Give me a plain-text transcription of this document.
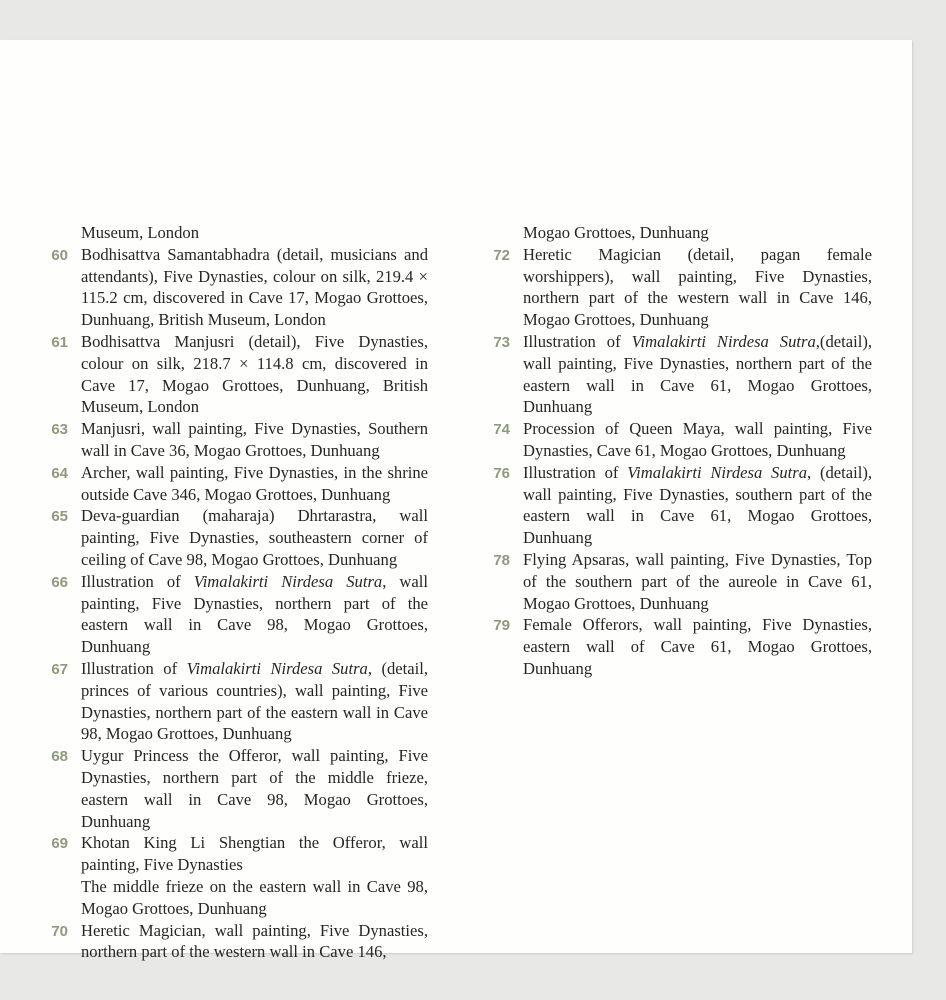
Museum, London
60 Bodhisattva Samantabhadra (detail, musicians and attendants), Five Dynasties, colour on silk, 219.4 × 115.2 cm, discovered in Cave 17, Mogao Grottoes, Dunhuang, British Museum, London
61 Bodhisattva Manjusri (detail), Five Dynasties, colour on silk, 218.7 × 114.8 cm, discovered in Cave 17, Mogao Grottoes, Dunhuang, British Museum, London
63 Manjusri, wall painting, Five Dynasties, Southern wall in Cave 36, Mogao Grottoes, Dunhuang
64 Archer, wall painting, Five Dynasties, in the shrine outside Cave 346, Mogao Grottoes, Dunhuang
65 Deva-guardian (maharaja) Dhrtarastra, wall painting, Five Dynasties, southeastern corner of ceiling of Cave 98, Mogao Grottoes, Dunhuang
66 Illustration of Vimalakirti Nirdesa Sutra, wall painting, Five Dynasties, northern part of the eastern wall in Cave 98, Mogao Grottoes, Dunhuang
67 Illustration of Vimalakirti Nirdesa Sutra, (detail, princes of various countries), wall painting, Five Dynasties, northern part of the eastern wall in Cave 98, Mogao Grottoes, Dunhuang
68 Uygur Princess the Offeror, wall painting, Five Dynasties, northern part of the middle frieze, eastern wall in Cave 98, Mogao Grottoes, Dunhuang
69 Khotan King Li Shengtian the Offeror, wall painting, Five Dynasties
The middle frieze on the eastern wall in Cave 98, Mogao Grottoes, Dunhuang
70 Heretic Magician, wall painting, Five Dynasties, northern part of the western wall in Cave 146,
Mogao Grottoes, Dunhuang
72 Heretic Magician (detail, pagan female worshippers), wall painting, Five Dynasties, northern part of the western wall in Cave 146, Mogao Grottoes, Dunhuang
73 Illustration of Vimalakirti Nirdesa Sutra,(detail), wall painting, Five Dynasties, northern part of the eastern wall in Cave 61, Mogao Grottoes, Dunhuang
74 Procession of Queen Maya, wall painting, Five Dynasties, Cave 61, Mogao Grottoes, Dunhuang
76 Illustration of Vimalakirti Nirdesa Sutra, (detail), wall painting, Five Dynasties, southern part of the eastern wall in Cave 61, Mogao Grottoes, Dunhuang
78 Flying Apsaras, wall painting, Five Dynasties, Top of the southern part of the aureole in Cave 61, Mogao Grottoes, Dunhuang
79 Female Offerors, wall painting, Five Dynasties, eastern wall of Cave 61, Mogao Grottoes, Dunhuang
